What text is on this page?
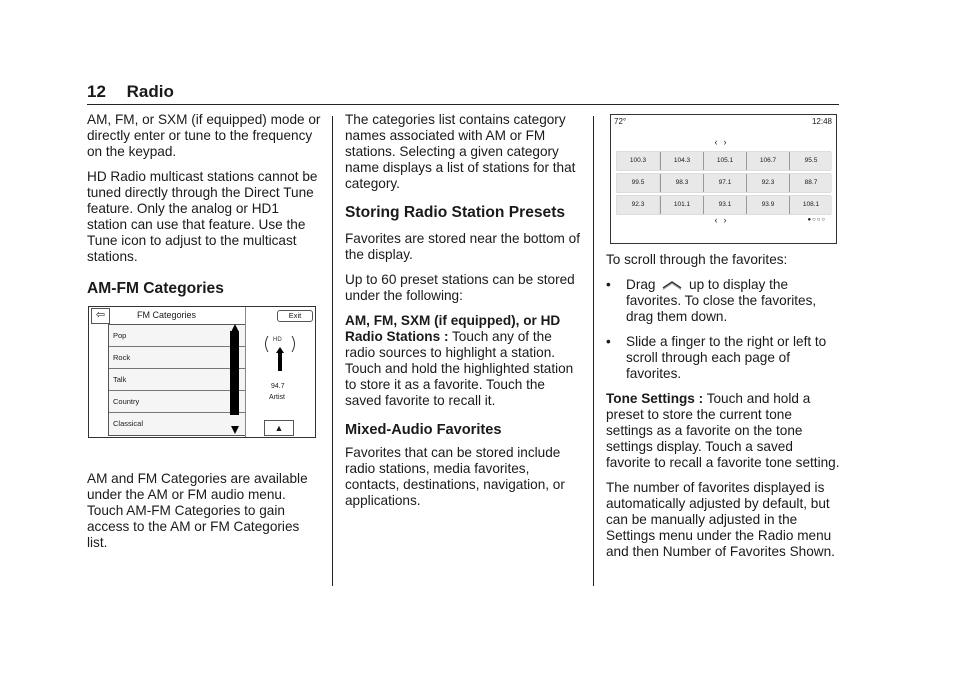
12 Radio

AM, FM, or SXM (if equipped) mode or directly enter or tune to the frequency on the keypad.

HD Radio multicast stations cannot be tuned directly through the Direct Tune feature. Only the analog or HD1 station can use that feature. Use the Tune icon to adjust to the multicast stations.

AM-FM Categories

AM and FM Categories are available under the AM or FM audio menu. Touch AM-FM Categories to gain access to the AM or FM Categories list.

⇦	FM Categories
Pop
Rock
Talk
Country
Classical
Exit
HD
94.7
Artist
▲

The categories list contains category names associated with AM or FM stations. Selecting a given category name displays a list of stations for that category.

Storing Radio Station Presets

Favorites are stored near the bottom of the display.

Up to 60 preset stations can be stored under the following:

AM, FM, SXM (if equipped), or HD Radio Stations : Touch any of the radio sources to highlight a station. Touch and hold the highlighted station to store it as a favorite. Touch the saved favorite to recall it.

Mixed-Audio Favorites

Favorites that can be stored include radio stations, media favorites, contacts, destinations, navigation, or applications.

72°	12:48
‹›
100.3	104.3	105.1	106.7	95.5
99.5	98.3	97.1	92.3	88.7
92.3	101.1	93.1	93.9	108.1
‹›	●○○○

To scroll through the favorites:

•	Drag up to display the favorites. To close the favorites, drag them down.
•	Slide a finger to the right or left to scroll through each page of favorites.

Tone Settings : Touch and hold a preset to store the current tone settings as a favorite on the tone settings display. Touch a saved favorite to recall a favorite tone setting.

The number of favorites displayed is automatically adjusted by default, but can be manually adjusted in the Settings menu under the Radio menu and then Number of Favorites Shown.
